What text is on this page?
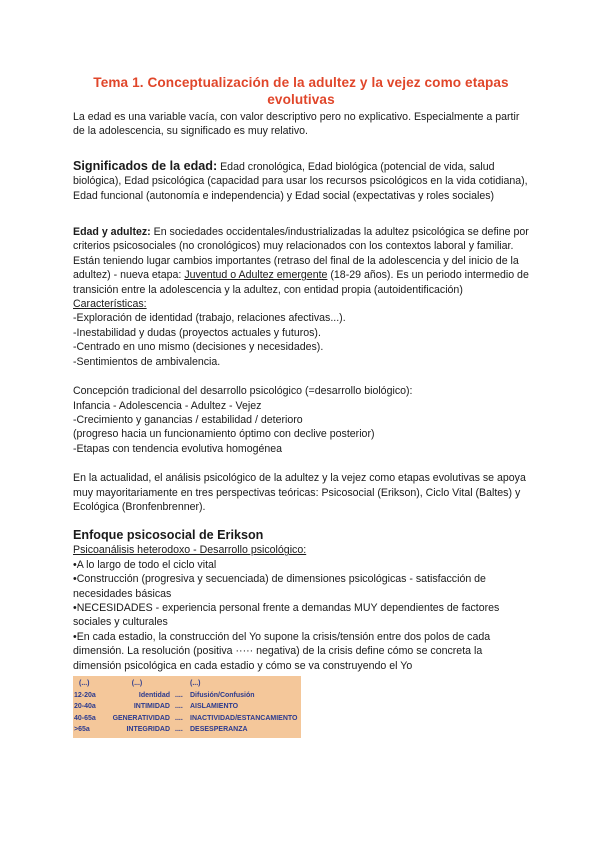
Tema 1. Conceptualización de la adultez y la vejez como etapas evolutivas

La edad es una variable vacía, con valor descriptivo pero no explicativo. Especialmente a partir de la adolescencia, su significado es muy relativo.

Significados de la edad: Edad cronológica, Edad biológica (potencial de vida, salud biológica), Edad psicológica (capacidad para usar los recursos psicológicos en la vida cotidiana), Edad funcional (autonomía e independencia) y Edad social (expectativas y roles sociales)

Edad y adultez: En sociedades occidentales/industrializadas la adultez psicológica se define por criterios psicosociales (no cronológicos) muy relacionados con los contextos laboral y familiar. Están teniendo lugar cambios importantes (retraso del final de la adolescencia y del inicio de la adultez) - nueva etapa: Juventud o Adultez emergente (18-29 años). Es un periodo intermedio de transición entre la adolescencia y la adultez, con entidad propia (autoidentificación)

Características:

-Exploración de identidad (trabajo, relaciones afectivas...).

-Inestabilidad y dudas (proyectos actuales y futuros).

-Centrado en uno mismo (decisiones y necesidades).

-Sentimientos de ambivalencia.

Concepción tradicional del desarrollo psicológico (=desarrollo biológico):

Infancia - Adolescencia - Adultez - Vejez

-Crecimiento y ganancias / estabilidad / deterioro

(progreso hacia un funcionamiento óptimo con declive posterior)

-Etapas con tendencia evolutiva homogénea

En la actualidad, el análisis psicológico de la adultez y la vejez como etapas evolutivas se apoya muy mayoritariamente en tres perspectivas teóricas: Psicosocial (Erikson), Ciclo Vital (Baltes) y Ecológica (Bronfenbrenner).

Enfoque psicosocial de Erikson

Psicoanálisis heterodoxo - Desarrollo psicológico:

•A lo largo de todo el ciclo vital

•Construcción (progresiva y secuenciada) de dimensiones psicológicas - satisfacción de necesidades básicas

•NECESIDADES - experiencia personal frente a demandas MUY dependientes de factores sociales y culturales

•En cada estadio, la construcción del Yo supone la crisis/tensión entre dos polos de cada dimensión. La resolución (positiva ····· negativa) de la crisis define cómo se concreta la dimensión psicológica en cada estadio y cómo se va construyendo el Yo

(...)	(...)	(...)
12-20a	Identidad ....	Difusión/Confusión
20-40a	INTIMIDAD ....	AISLAMIENTO
40-65a	GENERATIVIDAD ....	INACTIVIDAD/ESTANCAMIENTO
>65a	INTEGRIDAD ....	DESESPERANZA
